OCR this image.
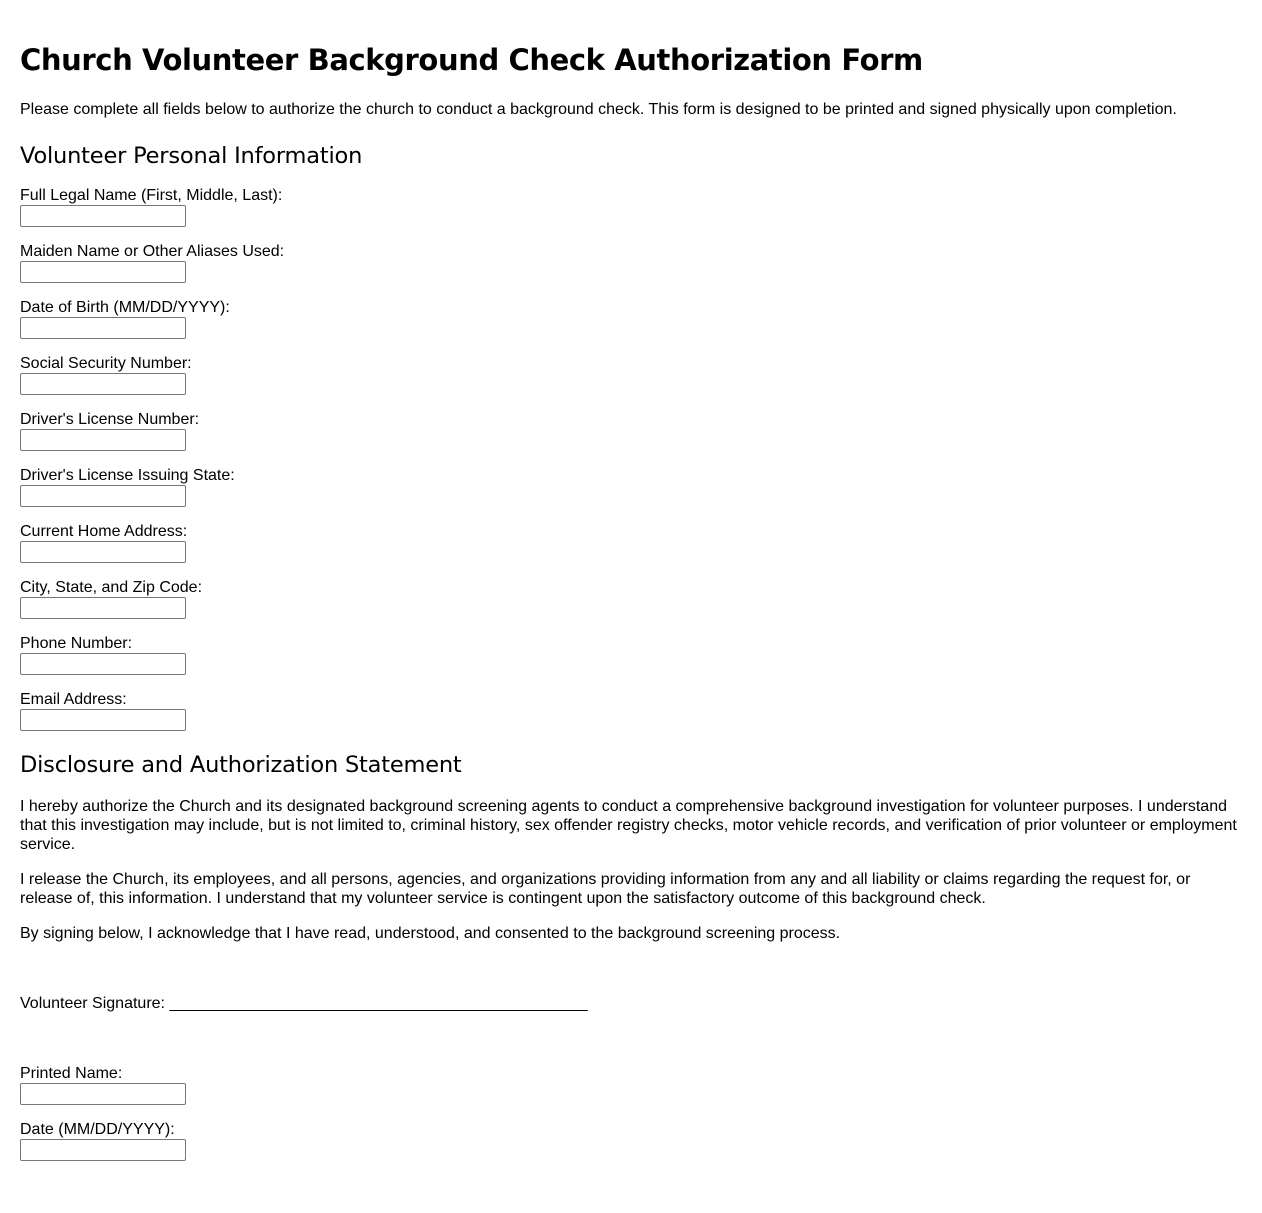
Church Volunteer Background Check Authorization Form

Please complete all fields below to authorize the church to conduct a background check. This form is designed to be printed and signed physically upon completion.

Volunteer Personal Information
Full Legal Name (First, Middle, Last):
Maiden Name or Other Aliases Used:
Date of Birth (MM/DD/YYYY):
Social Security Number:
Driver's License Number:
Driver's License Issuing State:
Current Home Address:
City, State, and Zip Code:
Phone Number:
Email Address:
Disclosure and Authorization Statement

I hereby authorize the Church and its designated background screening agents to conduct a comprehensive background investigation for volunteer purposes. I understand that this investigation may include, but is not limited to, criminal history, sex offender registry checks, motor vehicle records, and verification of prior volunteer or employment service.

I release the Church, its employees, and all persons, agencies, and organizations providing information from any and all liability or claims regarding the request for, or release of, this information. I understand that my volunteer service is contingent upon the satisfactory outcome of this background check.

By signing below, I acknowledge that I have read, understood, and consented to the background screening process.

Volunteer Signature: _______________________________________________
Printed Name:
Date (MM/DD/YYYY):
